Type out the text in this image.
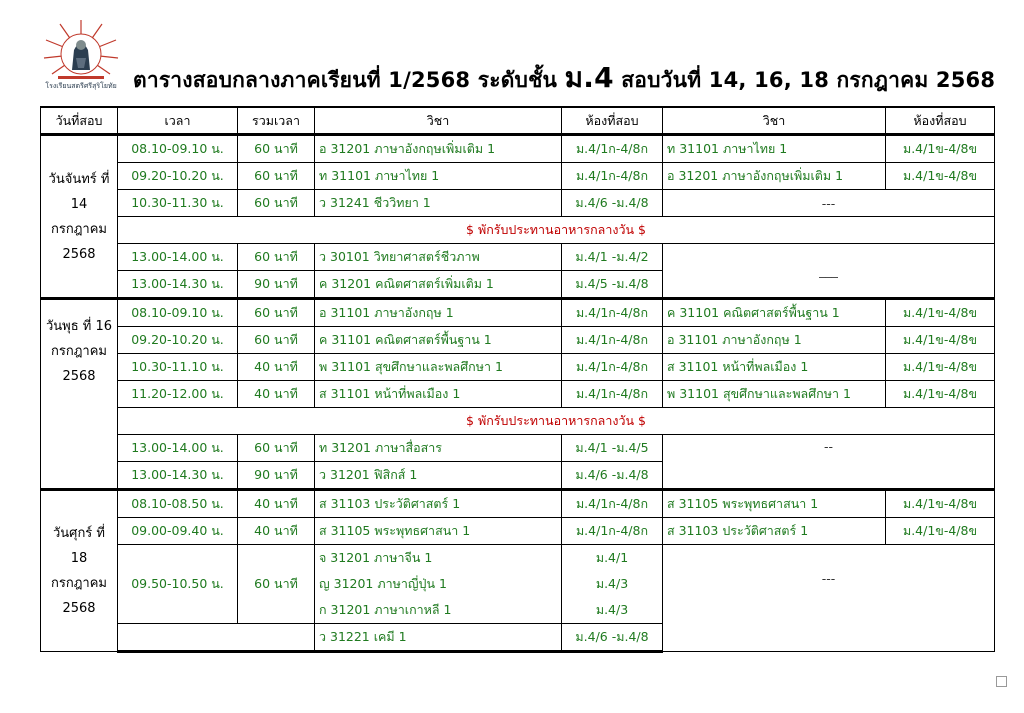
โรงเรียนสตรีศรีสุริโยทัย ตารางสอบกลางภาคเรียนที่ 1/2568 ระดับชั้น ม.4 สอบวันที่ 14, 16, 18 กรกฎาคม 2568
วันที่สอบ	เวลา	รวมเวลา	วิชา	ห้องที่สอบ	วิชา	ห้องที่สอบ
วันจันทร์ ที่ 14 กรกฎาคม 2568	08.10-09.10 น.	60 นาที	อ 31201 ภาษาอังกฤษเพิ่มเติม 1	ม.4/1ก-4/8ก	ท 31101 ภาษาไทย 1	ม.4/1ข-4/8ข
	09.20-10.20 น.	60 นาที	ท 31101 ภาษาไทย 1	ม.4/1ก-4/8ก	อ 31201 ภาษาอังกฤษเพิ่มเติม 1	ม.4/1ข-4/8ข
	10.30-11.30 น.	60 นาที	ว 31241 ชีววิทยา 1	ม.4/6 -ม.4/8	---	
	$ พักรับประทานอาหารกลางวัน $					
	13.00-14.00 น.	60 นาที	ว 30101 วิทยาศาสตร์ชีวภาพ	ม.4/1 -ม.4/2	___	
	13.00-14.30 น.	90 นาที	ค 31201 คณิตศาสตร์เพิ่มเติม 1	ม.4/5 -ม.4/8		
วันพุธ ที่ 16 กรกฎาคม 2568	08.10-09.10 น.	60 นาที	อ 31101 ภาษาอังกฤษ 1	ม.4/1ก-4/8ก	ค 31101 คณิตศาสตร์พื้นฐาน 1	ม.4/1ข-4/8ข
	09.20-10.20 น.	60 นาที	ค 31101 คณิตศาสตร์พื้นฐาน 1	ม.4/1ก-4/8ก	อ 31101 ภาษาอังกฤษ 1	ม.4/1ข-4/8ข
	10.30-11.10 น.	40 นาที	พ 31101 สุขศึกษาและพลศึกษา 1	ม.4/1ก-4/8ก	ส 31101 หน้าที่พลเมือง 1	ม.4/1ข-4/8ข
	11.20-12.00 น.	40 นาที	ส 31101 หน้าที่พลเมือง 1	ม.4/1ก-4/8ก	พ 31101 สุขศึกษาและพลศึกษา 1	ม.4/1ข-4/8ข
	$ พักรับประทานอาหารกลางวัน $					
	13.00-14.00 น.	60 นาที	ท 31201 ภาษาสื่อสาร	ม.4/1 -ม.4/5	--	
	13.00-14.30 น.	90 นาที	ว 31201 ฟิสิกส์ 1	ม.4/6 -ม.4/8		
วันศุกร์ ที่ 18 กรกฎาคม 2568	08.10-08.50 น.	40 นาที	ส 31103 ประวัติศาสตร์ 1	ม.4/1ก-4/8ก	ส 31105 พระพุทธศาสนา 1	ม.4/1ข-4/8ข
	09.00-09.40 น.	40 นาที	ส 31105 พระพุทธศาสนา 1	ม.4/1ก-4/8ก	ส 31103 ประวัติศาสตร์ 1	ม.4/1ข-4/8ข
	09.50-10.50 น.	60 นาที	จ 31201 ภาษาจีน 1	ม.4/1	---	
			ญ 31201 ภาษาญี่ปุ่น 1	ม.4/3		
			ก 31201 ภาษาเกาหลี 1	ม.4/3		
			ว 31221 เคมี 1	ม.4/6 -ม.4/8		
